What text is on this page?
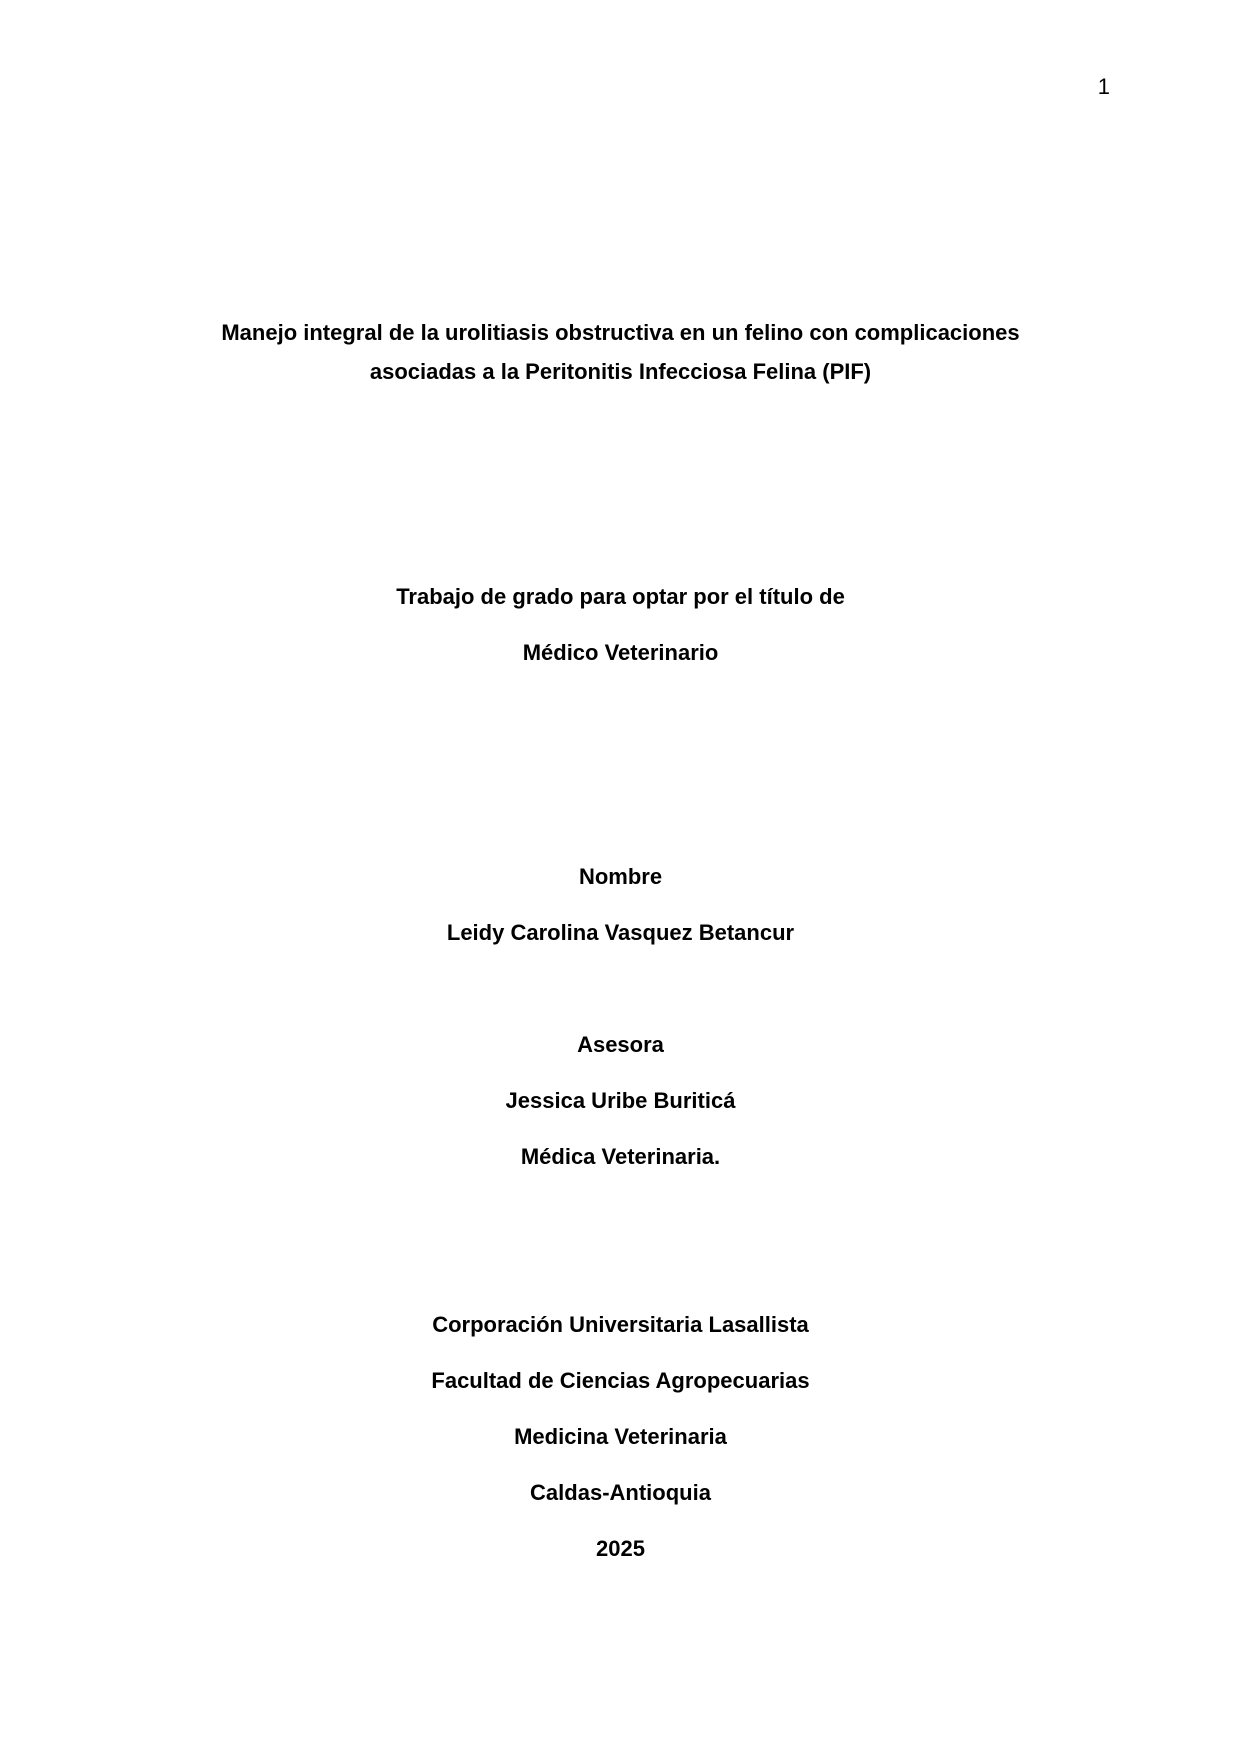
1
Manejo integral de la urolitiasis obstructiva en un felino con complicaciones
asociadas a la Peritonitis Infecciosa Felina (PIF)
Trabajo de grado para optar por el título de
Médico Veterinario
Nombre
Leidy Carolina Vasquez Betancur
Asesora
Jessica Uribe Buriticá
Médica Veterinaria.
Corporación Universitaria Lasallista
Facultad de Ciencias Agropecuarias
Medicina Veterinaria
Caldas-Antioquia
2025
